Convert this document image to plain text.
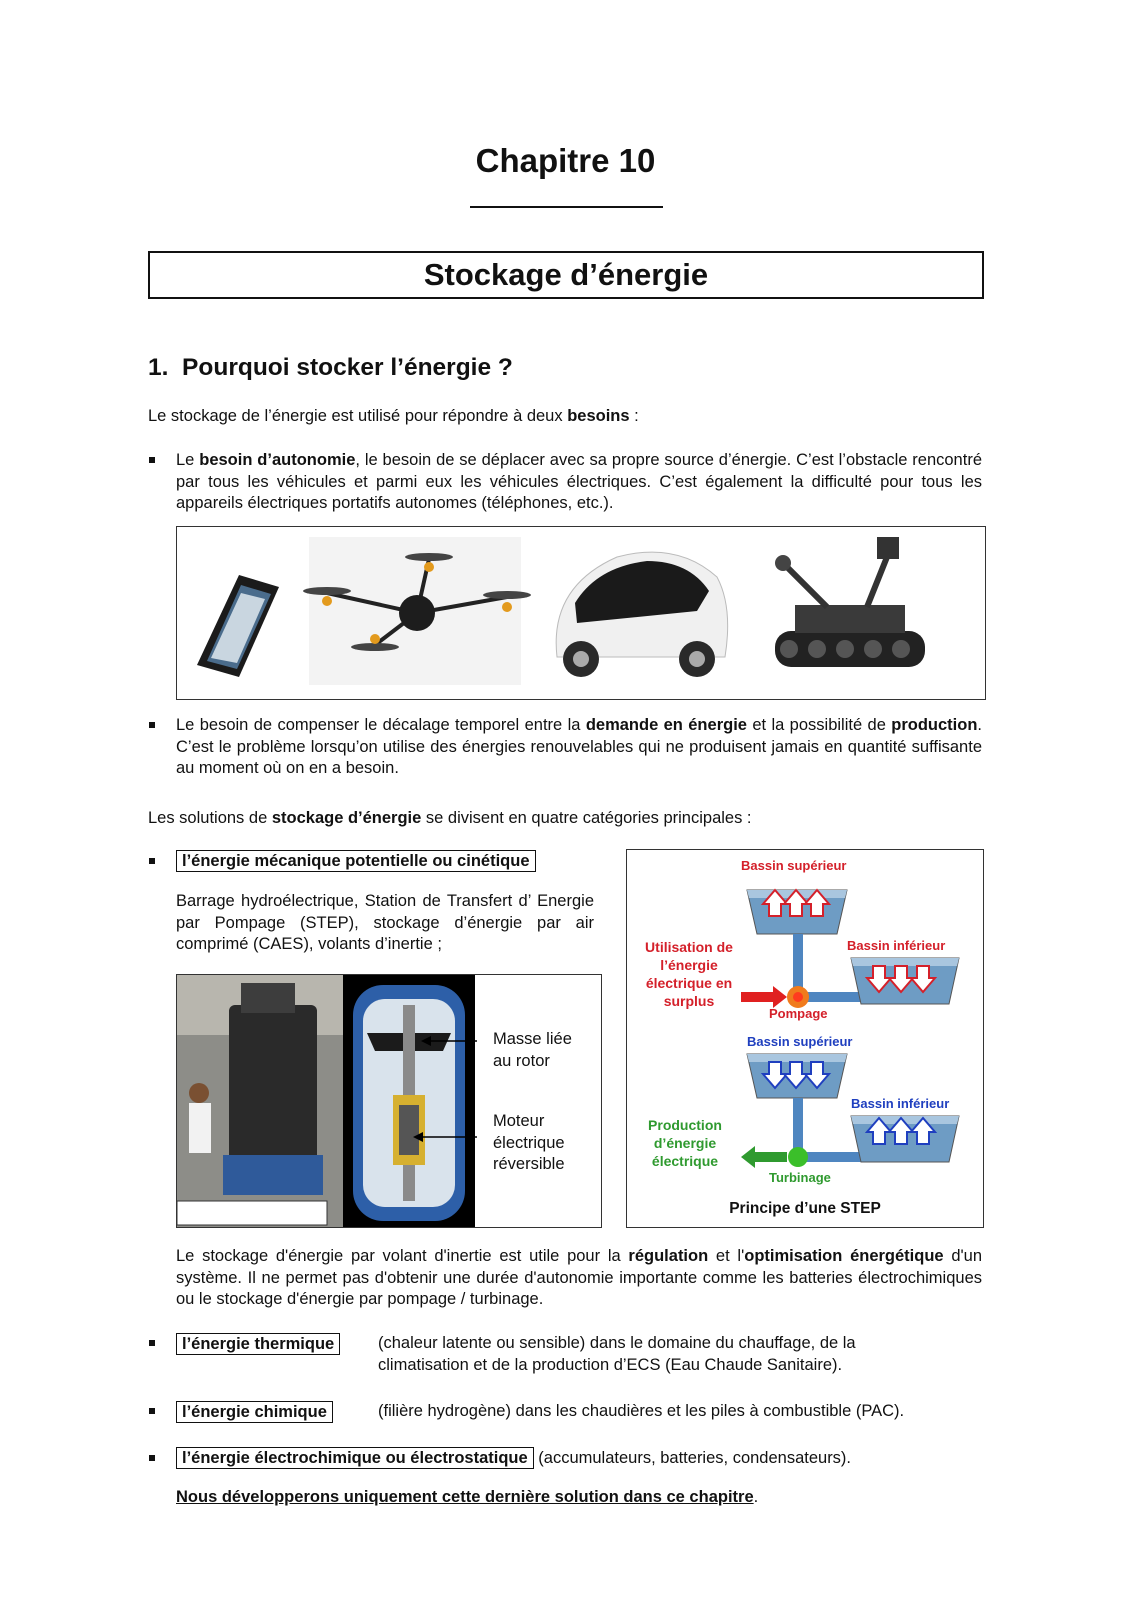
Chapitre 10
Stockage d’énergie
1.  Pourquoi stocker l’énergie ?
Le stockage de l’énergie est utilisé pour répondre à deux besoins :
Le besoin d’autonomie, le besoin de se déplacer avec sa propre source d’énergie. C’est l’obstacle rencontré par tous les véhicules et parmi eux les véhicules électriques. C’est également la difficulté pour tous les appareils électriques portatifs autonomes (téléphones, etc.).
Le besoin de compenser le décalage temporel entre la demande en énergie et la possibilité de production. C’est le problème lorsqu’on utilise des énergies renouvelables qui ne produisent jamais en quantité suffisante au moment où on en a besoin.
Les solutions de stockage d’énergie se divisent en quatre catégories principales :
l’énergie mécanique potentielle ou cinétique
Barrage hydroélectrique, Station de Transfert d’ Energie par Pompage (STEP), stockage d’énergie par air comprimé (CAES), volants d’inertie ;
Masse liée au rotor
Moteur électrique réversible
Bassin supérieur
Bassin inférieur
Utilisation de l’énergie électrique en surplus
Pompage
Bassin supérieur
Bassin inférieur
Production d’énergie électrique
Turbinage
Principe d’une STEP
Le stockage d'énergie par volant d'inertie est utile pour la régulation et l'optimisation énergétique d'un système. Il ne permet pas d'obtenir une durée d'autonomie importante comme les batteries électrochimiques ou le stockage d'énergie par pompage / turbinage.
l’énergie thermique	(chaleur latente ou sensible) dans le domaine du chauffage, de la climatisation et de la production d’ECS (Eau Chaude Sanitaire).
l’énergie chimique	(filière hydrogène) dans les chaudières et les piles à combustible (PAC).
l’énergie électrochimique ou électrostatique (accumulateurs, batteries, condensateurs).
Nous développerons uniquement cette dernière solution dans ce chapitre.
